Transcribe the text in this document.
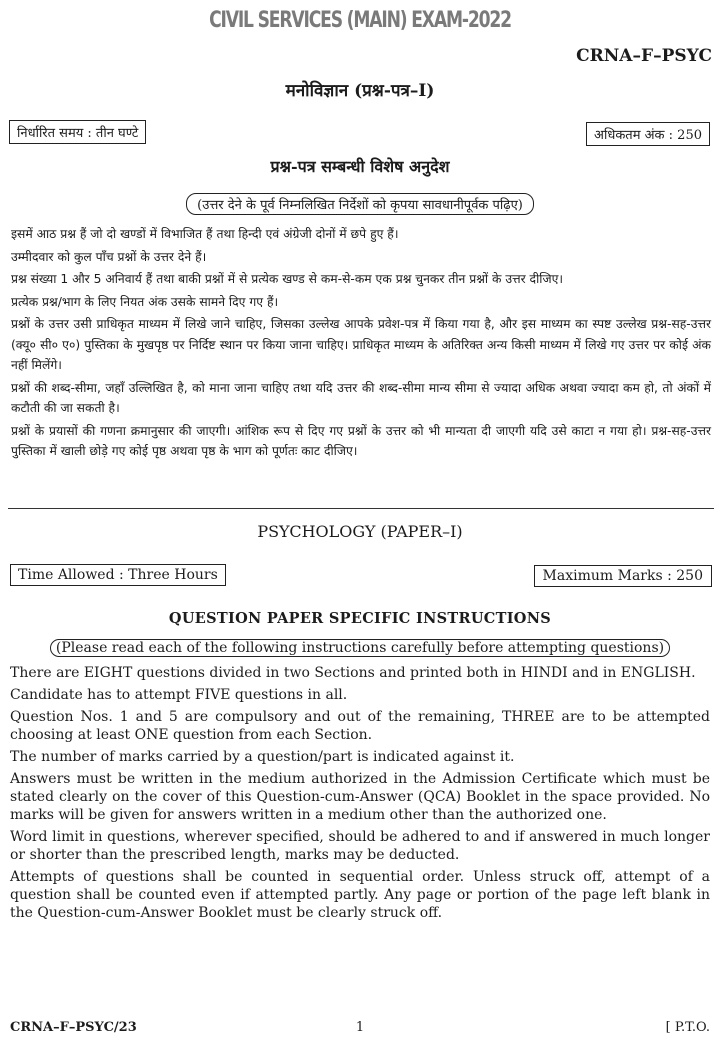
CIVIL SERVICES (MAIN) EXAM-2022
CRNA–F–PSYC
मनोविज्ञान (प्रश्न-पत्र–I)
निर्धारित समय : तीन घण्टे	अधिकतम अंक : 250
प्रश्न-पत्र सम्बन्धी विशेष अनुदेश
(उत्तर देने के पूर्व निम्नलिखित निर्देशों को कृपया सावधानीपूर्वक पढ़िए)

इसमें आठ प्रश्न हैं जो दो खण्डों में विभाजित हैं तथा हिन्दी एवं अंग्रेजी दोनों में छपे हुए हैं।

उम्मीदवार को कुल पाँच प्रश्नों के उत्तर देने हैं।

प्रश्न संख्या 1 और 5 अनिवार्य हैं तथा बाकी प्रश्नों में से प्रत्येक खण्ड से कम-से-कम एक प्रश्न चुनकर तीन प्रश्नों के उत्तर दीजिए।

प्रत्येक प्रश्न/भाग के लिए नियत अंक उसके सामने दिए गए हैं।

प्रश्नों के उत्तर उसी प्राधिकृत माध्यम में लिखे जाने चाहिए, जिसका उल्लेख आपके प्रवेश-पत्र में किया गया है, और इस माध्यम का स्पष्ट उल्लेख प्रश्न-सह-उत्तर (क्यू० सी० ए०) पुस्तिका के मुखपृष्ठ पर निर्दिष्ट स्थान पर किया जाना चाहिए। प्राधिकृत माध्यम के अतिरिक्त अन्य किसी माध्यम में लिखे गए उत्तर पर कोई अंक नहीं मिलेंगे।

प्रश्नों की शब्द-सीमा, जहाँ उल्लिखित है, को माना जाना चाहिए तथा यदि उत्तर की शब्द-सीमा मान्य सीमा से ज्यादा अधिक अथवा ज्यादा कम हो, तो अंकों में कटौती की जा सकती है।

प्रश्नों के प्रयासों की गणना क्रमानुसार की जाएगी। आंशिक रूप से दिए गए प्रश्नों के उत्तर को भी मान्यता दी जाएगी यदि उसे काटा न गया हो। प्रश्न-सह-उत्तर पुस्तिका में खाली छोड़े गए कोई पृष्ठ अथवा पृष्ठ के भाग को पूर्णतः काट दीजिए।

PSYCHOLOGY (PAPER–I)
Time Allowed : Three Hours	Maximum Marks : 250
QUESTION PAPER SPECIFIC INSTRUCTIONS
(Please read each of the following instructions carefully before attempting questions)

There are EIGHT questions divided in two Sections and printed both in HINDI and in ENGLISH.

Candidate has to attempt FIVE questions in all.

Question Nos. 1 and 5 are compulsory and out of the remaining, THREE are to be attempted choosing at least ONE question from each Section.

The number of marks carried by a question/part is indicated against it.

Answers must be written in the medium authorized in the Admission Certificate which must be stated clearly on the cover of this Question-cum-Answer (QCA) Booklet in the space provided. No marks will be given for answers written in a medium other than the authorized one.

Word limit in questions, wherever specified, should be adhered to and if answered in much longer or shorter than the prescribed length, marks may be deducted.

Attempts of questions shall be counted in sequential order. Unless struck off, attempt of a question shall be counted even if attempted partly. Any page or portion of the page left blank in the Question-cum-Answer Booklet must be clearly struck off.

CRNA–F–PSYC/23	1	[ P.T.O.
